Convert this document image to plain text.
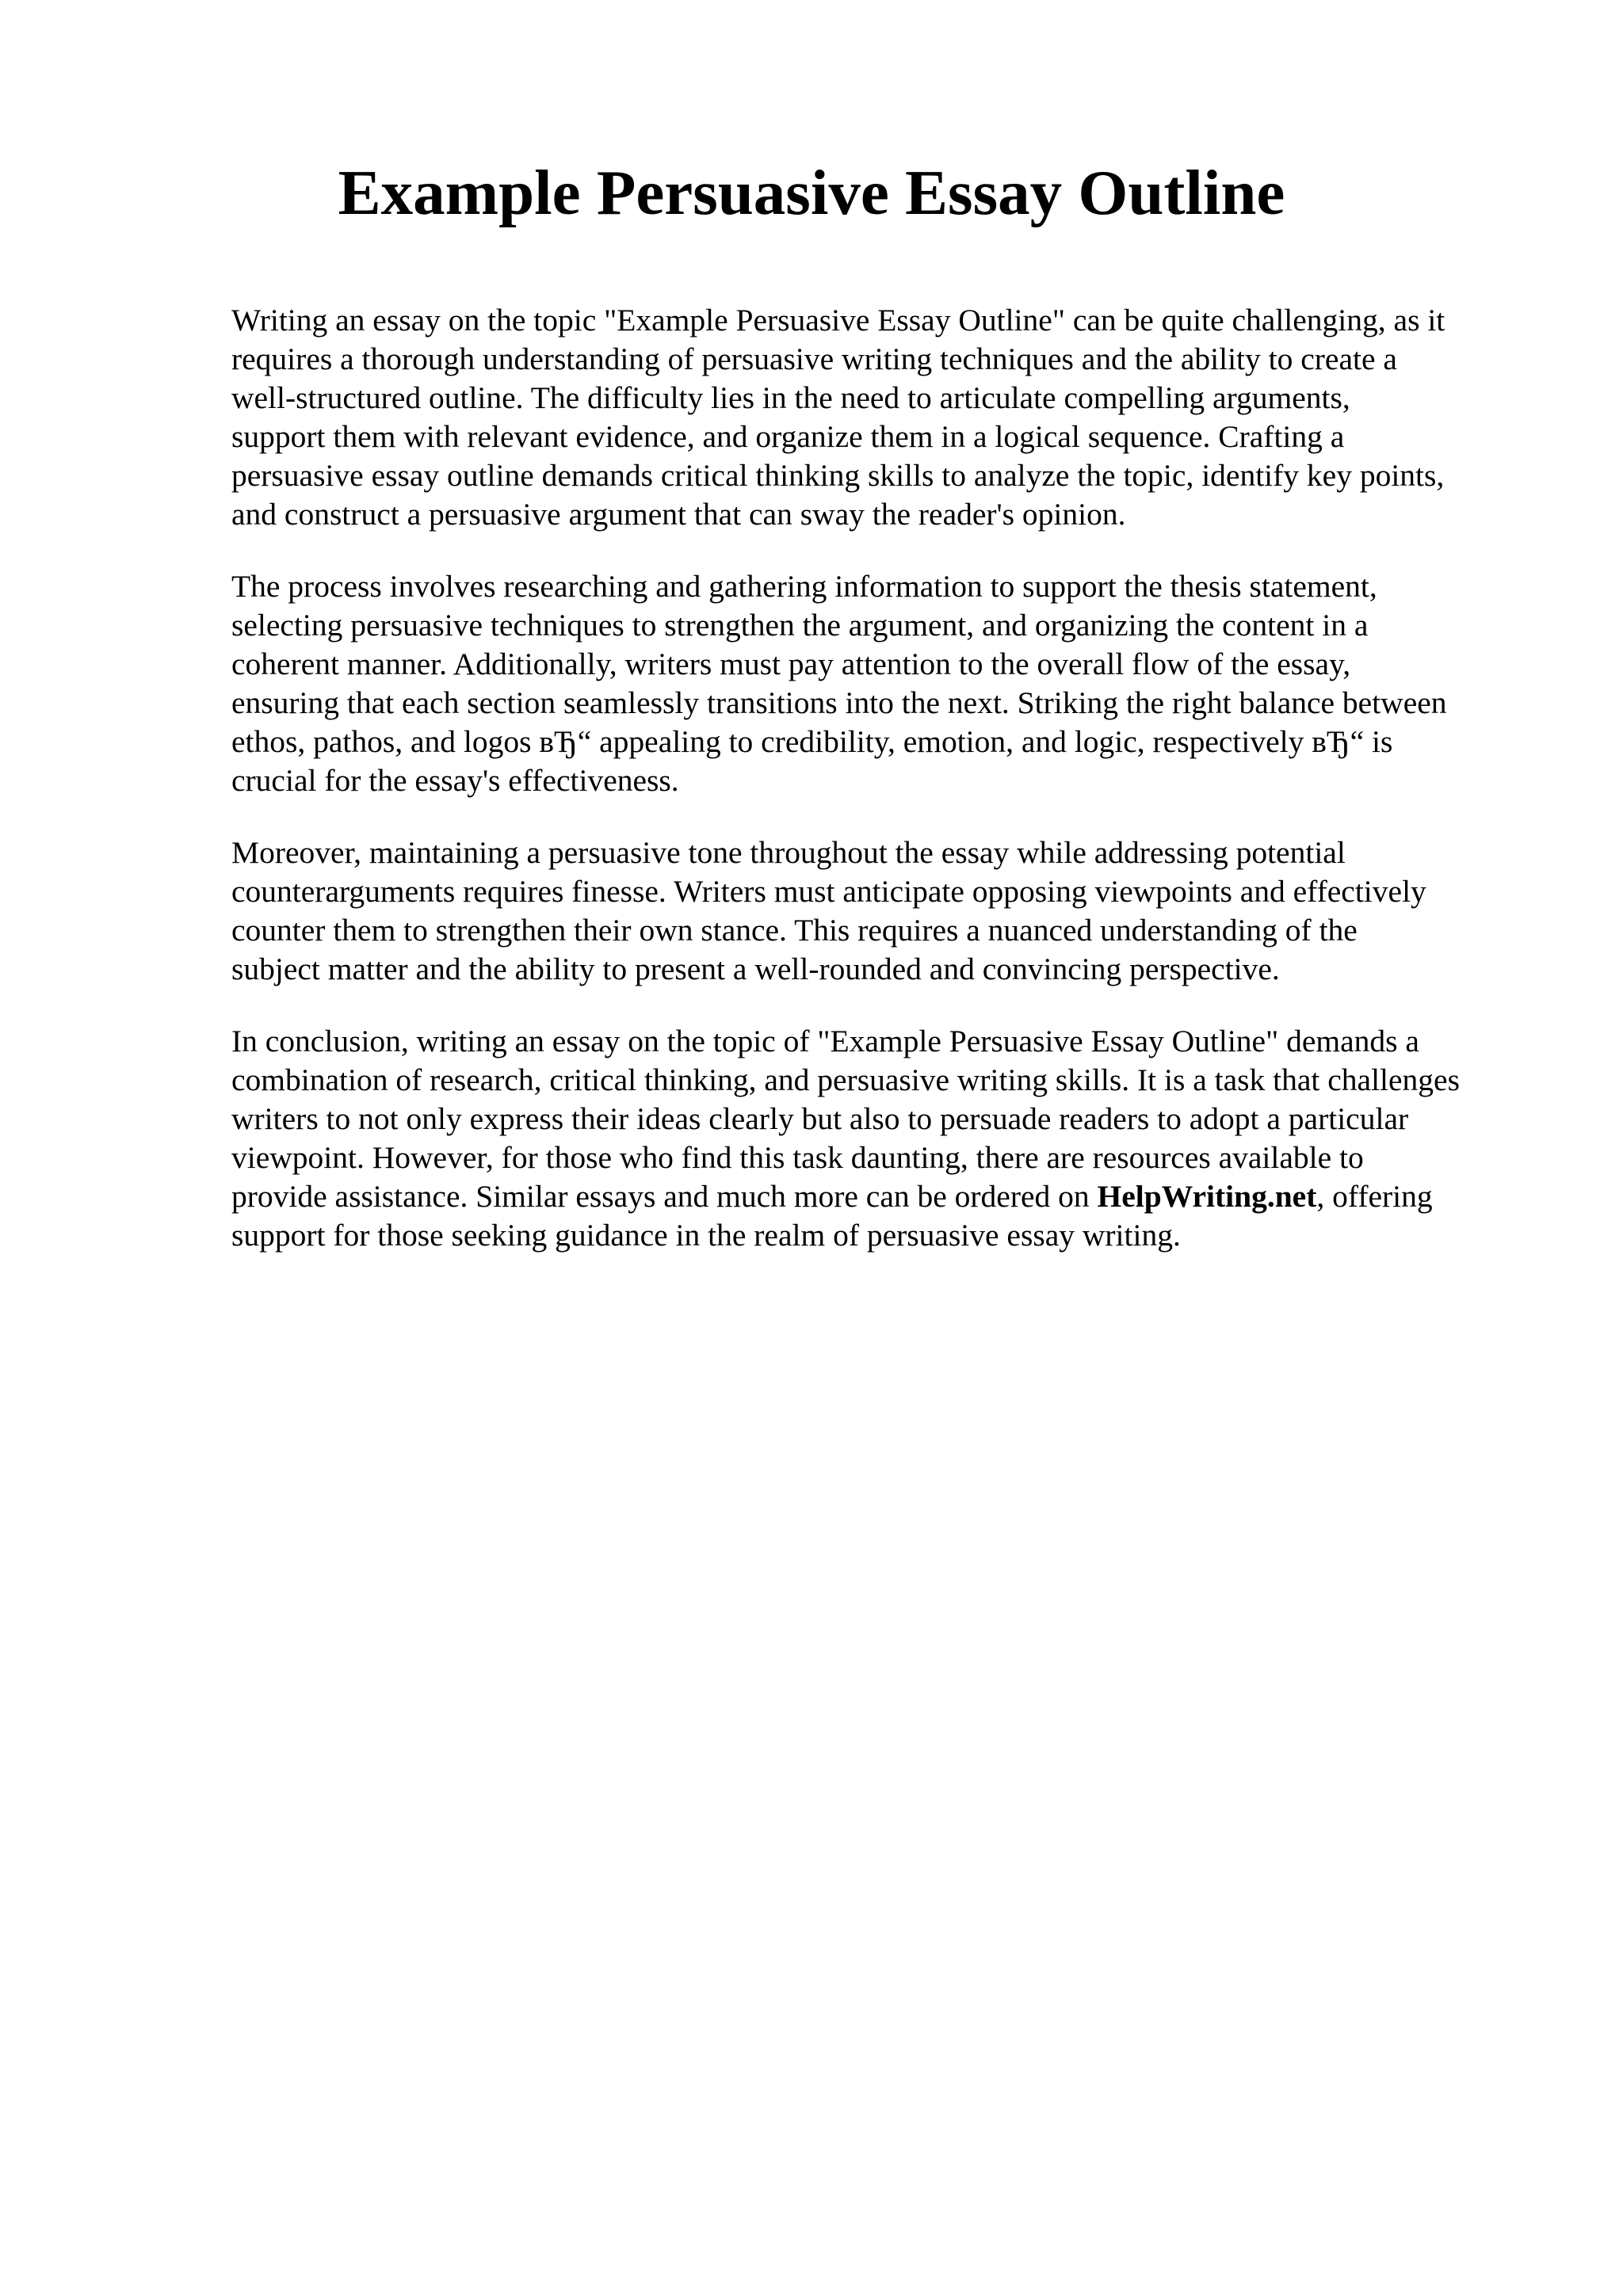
Example Persuasive Essay Outline

Writing an essay on the topic "Example Persuasive Essay Outline" can be quite challenging, as it
requires a thorough understanding of persuasive writing techniques and the ability to create a
well-structured outline. The difficulty lies in the need to articulate compelling arguments,
support them with relevant evidence, and organize them in a logical sequence. Crafting a
persuasive essay outline demands critical thinking skills to analyze the topic, identify key points,
and construct a persuasive argument that can sway the reader's opinion.

The process involves researching and gathering information to support the thesis statement,
selecting persuasive techniques to strengthen the argument, and organizing the content in a
coherent manner. Additionally, writers must pay attention to the overall flow of the essay,
ensuring that each section seamlessly transitions into the next. Striking the right balance between
ethos, pathos, and logos вЂ“ appealing to credibility, emotion, and logic, respectively вЂ“ is
crucial for the essay's effectiveness.

Moreover, maintaining a persuasive tone throughout the essay while addressing potential
counterarguments requires finesse. Writers must anticipate opposing viewpoints and effectively
counter them to strengthen their own stance. This requires a nuanced understanding of the
subject matter and the ability to present a well-rounded and convincing perspective.

In conclusion, writing an essay on the topic of "Example Persuasive Essay Outline" demands a
combination of research, critical thinking, and persuasive writing skills. It is a task that challenges
writers to not only express their ideas clearly but also to persuade readers to adopt a particular
viewpoint. However, for those who find this task daunting, there are resources available to
provide assistance. Similar essays and much more can be ordered on HelpWriting.net, offering
support for those seeking guidance in the realm of persuasive essay writing.
